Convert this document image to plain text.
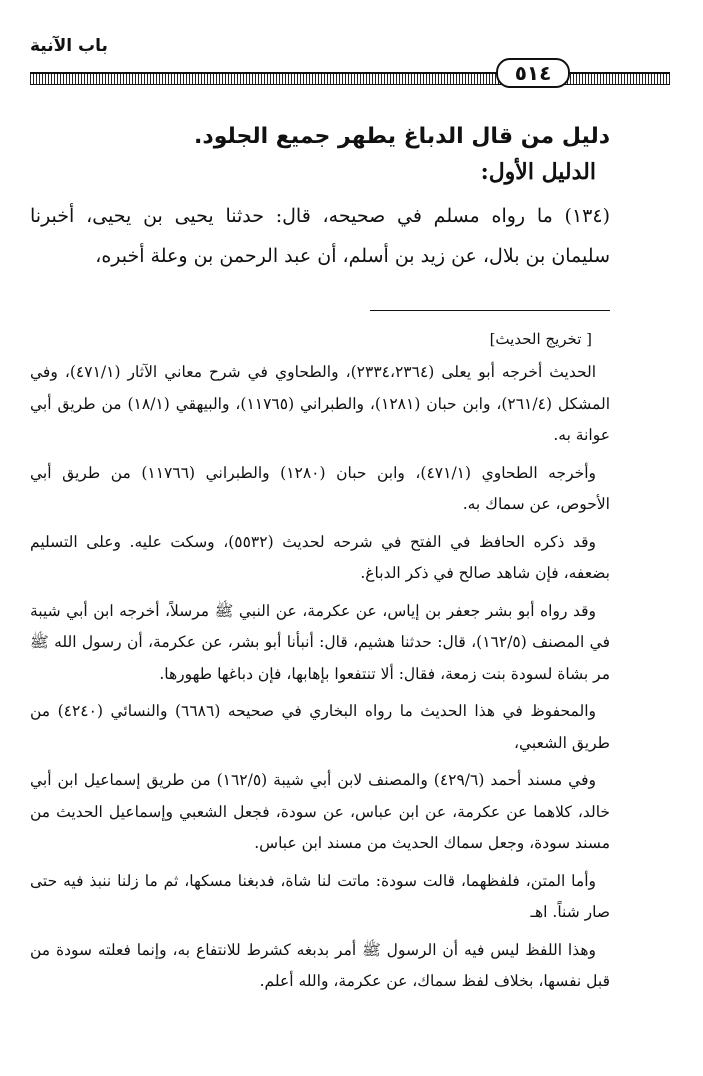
باب الآنية
٥١٤
دليل من قال الدباغ يطهر جميع الجلود.
الدليل الأول:

(١٣٤) ما رواه مسلم في صحيحه، قال: حدثنا يحيى بن يحيى، أخبرنا سليمان بن بلال، عن زيد بن أسلم، أن عبد الرحمن بن وعلة أخبره،

[ تخريج الحديث]

الحديث أخرجه أبو يعلى (٢٣٣٤،٢٣٦٤)، والطحاوي في شرح معاني الآثار (٤٧١/١)، وفي المشكل (٢٦١/٤)، وابن حبان (١٢٨١)، والطبراني (١١٧٦٥)، والبيهقي (١٨/١) من طريق أبي عوانة به.

وأخرجه الطحاوي (٤٧١/١)، وابن حبان (١٢٨٠) والطبراني (١١٧٦٦) من طريق أبي الأحوص، عن سماك به.

وقد ذكره الحافظ في الفتح في شرحه لحديث (٥٥٣٢)، وسكت عليه. وعلى التسليم بضعفه، فإن شاهد صالح في ذكر الدباغ.

وقد رواه أبو بشر جعفر بن إياس، عن عكرمة، عن النبي ﷺ مرسلاً، أخرجه ابن أبي شيبة في المصنف (١٦٢/٥)، قال: حدثنا هشيم، قال: أنبأنا أبو بشر، عن عكرمة، أن رسول الله ﷺ مر بشاة لسودة بنت زمعة، فقال: ألا تنتفعوا بإهابها، فإن دباغها طهورها.

والمحفوظ في هذا الحديث ما رواه البخاري في صحيحه (٦٦٨٦) والنسائي (٤٢٤٠) من طريق الشعبي،

وفي مسند أحمد (٤٢٩/٦) والمصنف لابن أبي شيبة (١٦٢/٥) من طريق إسماعيل ابن أبي خالد، كلاهما عن عكرمة، عن ابن عباس، عن سودة، فجعل الشعبي وإسماعيل الحديث من مسند سودة، وجعل سماك الحديث من مسند ابن عباس.

وأما المتن، فلفظهما، قالت سودة: ماتت لنا شاة، فدبغنا مسكها، ثم ما زلنا ننبذ فيه حتى صار شناً. اهـ

وهذا اللفظ ليس فيه أن الرسول ﷺ أمر بدبغه كشرط للانتفاع به، وإنما فعلته سودة من قبل نفسها، بخلاف لفظ سماك، عن عكرمة، والله أعلم.
